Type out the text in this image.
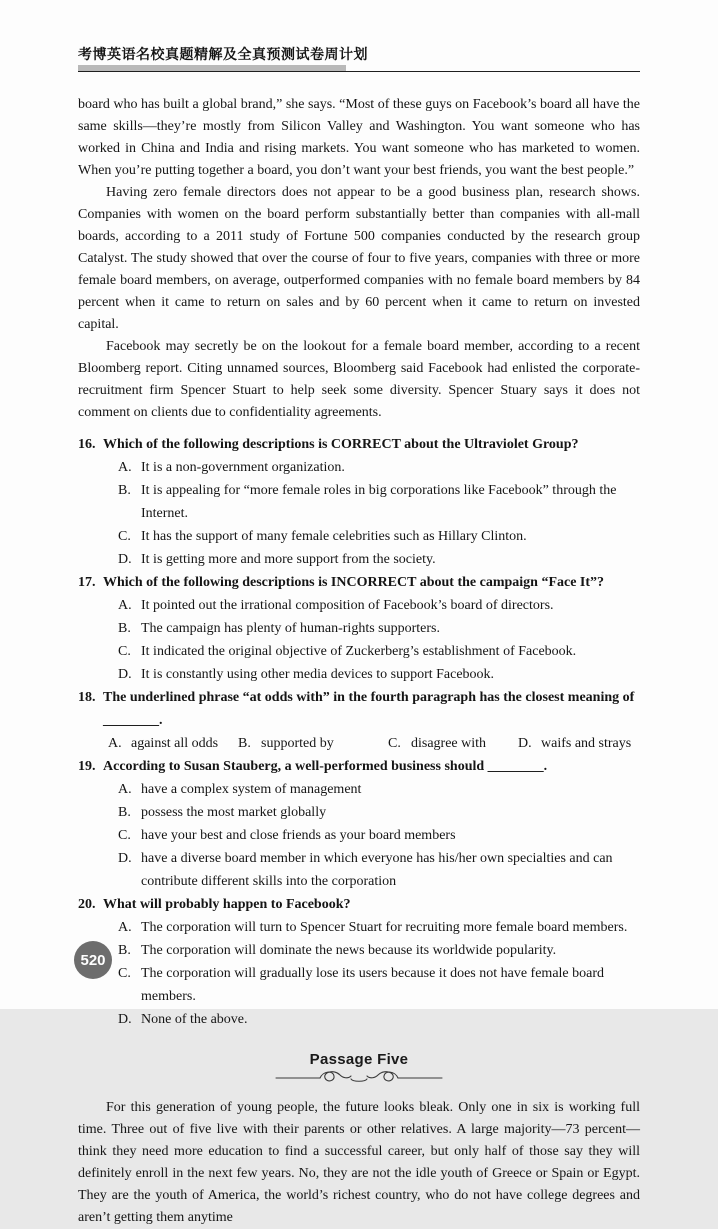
考博英语名校真题精解及全真预测试卷周计划
board who has built a global brand,” she says. “Most of these guys on Facebook’s board all have the same skills—they’re mostly from Silicon Valley and Washington. You want someone who has worked in China and India and rising markets. You want someone who has marketed to women. When you’re putting together a board, you don’t want your best friends, you want the best people.”
Having zero female directors does not appear to be a good business plan, research shows. Companies with women on the board perform substantially better than companies with all-mall boards, according to a 2011 study of Fortune 500 companies conducted by the research group Catalyst. The study showed that over the course of four to five years, companies with three or more female board members, on average, outperformed companies with no female board members by 84 percent when it came to return on sales and by 60 percent when it came to return on invested capital.
Facebook may secretly be on the lookout for a female board member, according to a recent Bloomberg report. Citing unnamed sources, Bloomberg said Facebook had enlisted the corporate-recruitment firm Spencer Stuart to help seek some diversity. Spencer Stuary says it does not comment on clients due to confidentiality agreements.
16. Which of the following descriptions is CORRECT about the Ultraviolet Group?
A. It is a non-government organization.
B. It is appealing for “more female roles in big corporations like Facebook” through the Internet.
C. It has the support of many female celebrities such as Hillary Clinton.
D. It is getting more and more support from the society.
17. Which of the following descriptions is INCORRECT about the campaign “Face It”?
A. It pointed out the irrational composition of Facebook’s board of directors.
B. The campaign has plenty of human-rights supporters.
C. It indicated the original objective of Zuckerberg’s establishment of Facebook.
D. It is constantly using other media devices to support Facebook.
18. The underlined phrase “at odds with” in the fourth paragraph has the closest meaning of ________.
A. against all odds B. supported by	C. disagree with D. waifs and strays
19. According to Susan Stauberg, a well-performed business should ________.
A. have a complex system of management
B. possess the most market globally
C. have your best and close friends as your board members
D. have a diverse board member in which everyone has his/her own specialties and can contribute different skills into the corporation
20. What will probably happen to Facebook?
A. The corporation will turn to Spencer Stuart for recruiting more female board members.
B. The corporation will dominate the news because its worldwide popularity.
C. The corporation will gradually lose its users because it does not have female board members.
D. None of the above.
Passage Five
For this generation of young people, the future looks bleak. Only one in six is working full time. Three out of five live with their parents or other relatives. A large majority—73 percent—think they need more education to find a successful career, but only half of those say they will definitely enroll in the next few years. No, they are not the idle youth of Greece or Spain or Egypt. They are the youth of America, the world’s richest country, who do not have college degrees and aren’t getting them anytime
520
